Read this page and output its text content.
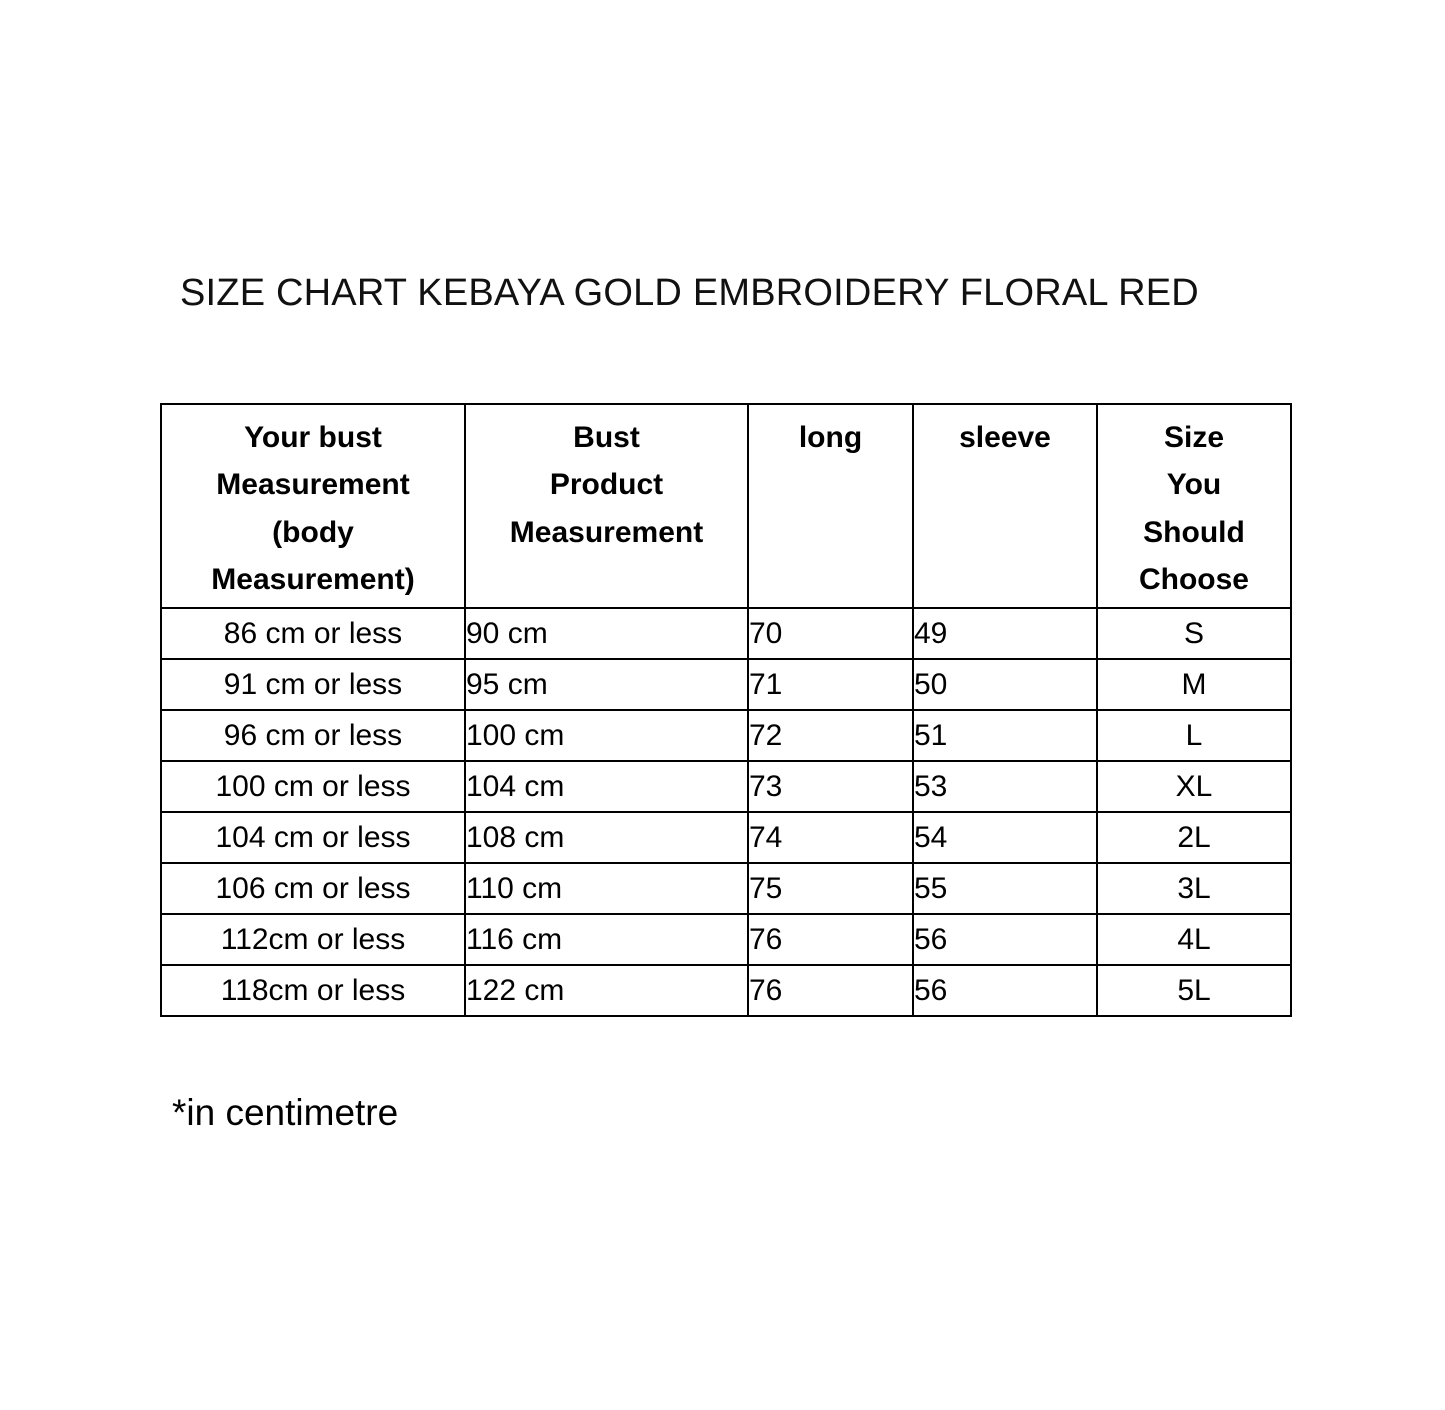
SIZE CHART KEBAYA GOLD EMBROIDERY FLORAL RED
Your bust
Measurement
(body
Measurement)	Bust
Product
Measurement	long	sleeve	Size
You
Should
Choose
86 cm or less	90 cm	70	49	S
91 cm or less	95 cm	71	50	M
96 cm or less	100 cm	72	51	L
100 cm or less	104 cm	73	53	XL
104 cm or less	108 cm	74	54	2L
106 cm or less	110 cm	75	55	3L
112cm or less	116 cm	76	56	4L
118cm or less	122 cm	76	56	5L
*in centimetre
